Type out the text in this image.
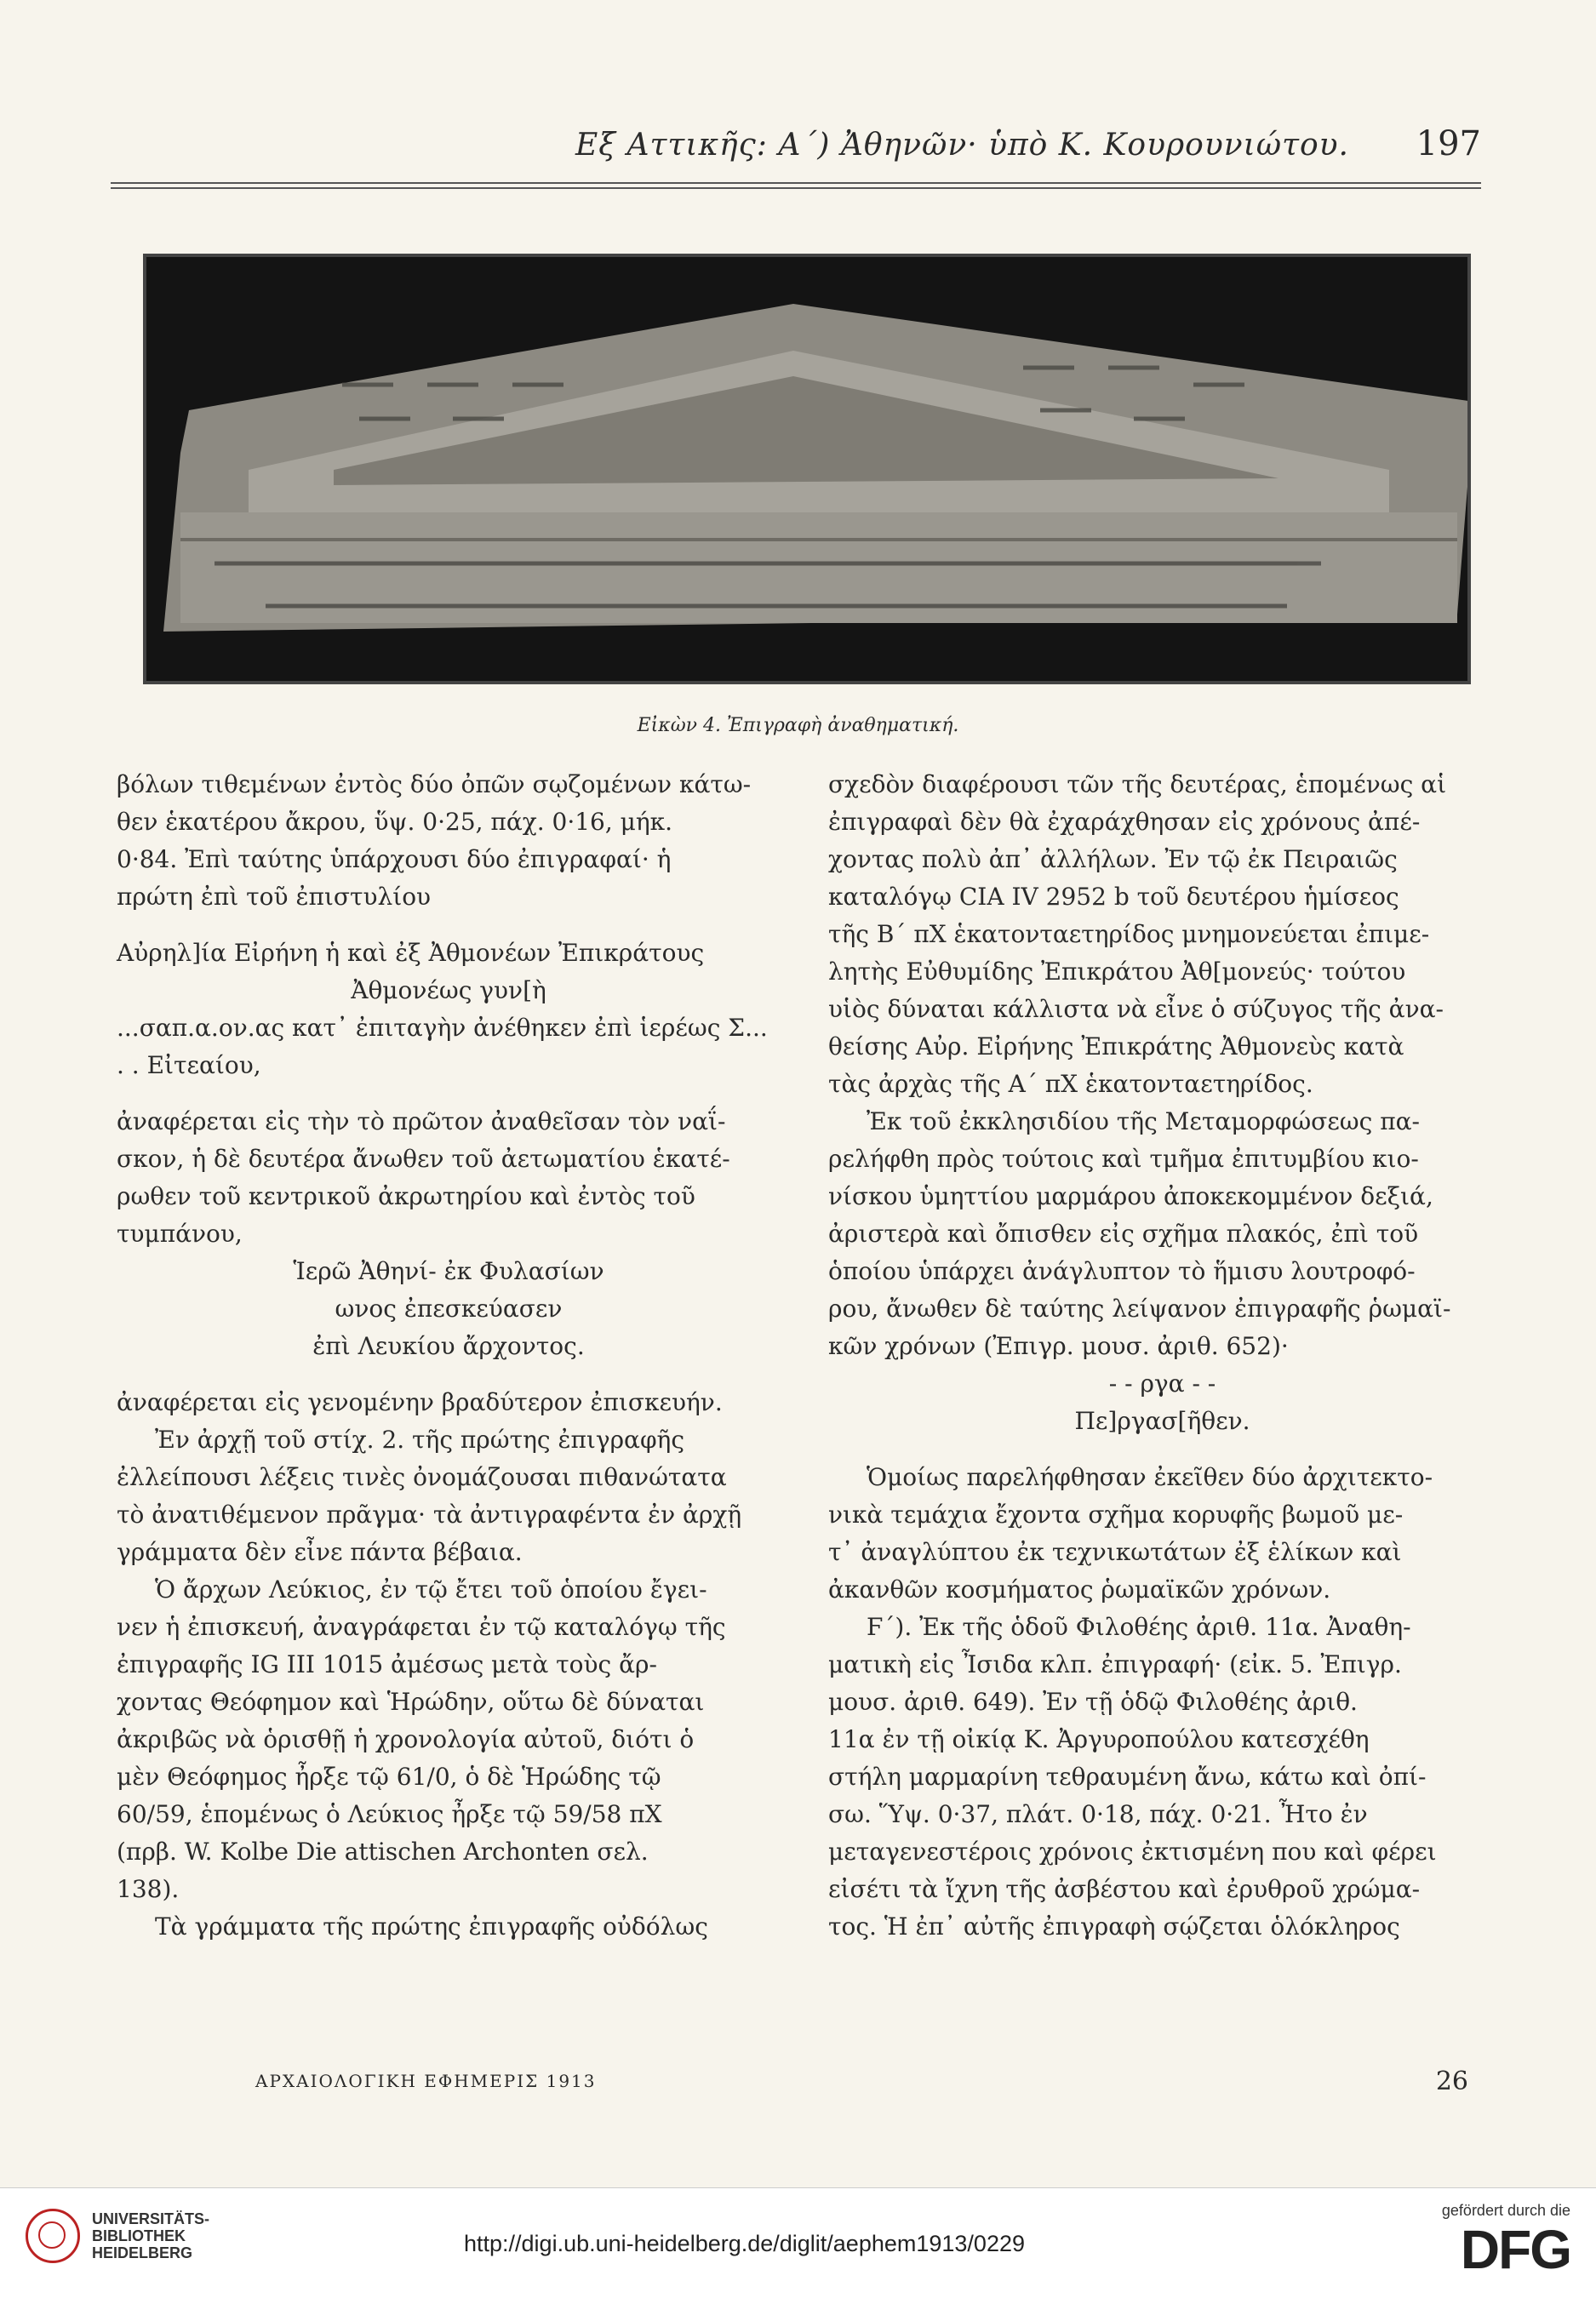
Εξ Αττικῆς: Α΄) Ἀθηνῶν· ὑπὸ Κ. Κουρουνιώτου. 197
Εἰκὼν 4. Ἐπιγραφὴ ἀναθηματική.

βόλων τιθεμένων ἐντὸς δύο ὀπῶν σῳζομένων κάτω-

θεν ἑκατέρου ἄκρου, ὕψ. 0·25, πάχ. 0·16, μήκ.

0·84. Ἐπὶ ταύτης ὑπάρχουσι δύο ἐπιγραφαί· ἡ

πρώτη ἐπὶ τοῦ ἐπιστυλίου

Αὐρηλ]ία Εἰρήνη ἡ καὶ ἐξ Ἀθμονέων Ἐπικράτους

Ἀθμονέως γυν[ὴ

...σαπ.α.ον.ας κατ᾽ ἐπιταγὴν ἀνέθηκεν ἐπὶ ἱερέως Σ...

. . Εἰτεαίου,

ἀναφέρεται εἰς τὴν τὸ πρῶτον ἀναθεῖσαν τὸν ναΐ-

σκον, ἡ δὲ δευτέρα ἄνωθεν τοῦ ἀετωματίου ἑκατέ-

ρωθεν τοῦ κεντρικοῦ ἀκρωτηρίου καὶ ἐντὸς τοῦ

τυμπάνου,

Ἱερῶ Ἀθηνί- ἐκ Φυλασίων

ωνος ἐπεσκεύασεν

ἐπὶ Λευκίου ἄρχοντος.

ἀναφέρεται εἰς γενομένην βραδύτερον ἐπισκευήν.

Ἐν ἀρχῇ τοῦ στίχ. 2. τῆς πρώτης ἐπιγραφῆς

ἐλλείπουσι λέξεις τινὲς ὀνομάζουσαι πιθανώτατα

τὸ ἀνατιθέμενον πρᾶγμα· τὰ ἀντιγραφέντα ἐν ἀρχῇ

γράμματα δὲν εἶνε πάντα βέβαια.

Ὁ ἄρχων Λεύκιος, ἐν τῷ ἔτει τοῦ ὁποίου ἔγει-

νεν ἡ ἐπισκευή, ἀναγράφεται ἐν τῷ καταλόγῳ τῆς

ἐπιγραφῆς IG III 1015 ἀμέσως μετὰ τοὺς ἄρ-

χοντας Θεόφημον καὶ Ἡρώδην, οὕτω δὲ δύναται

ἀκριβῶς νὰ ὁρισθῇ ἡ χρονολογία αὐτοῦ, διότι ὁ

μὲν Θεόφημος ἦρξε τῷ 61/0, ὁ δὲ Ἡρώδης τῷ

60/59, ἑπομένως ὁ Λεύκιος ἦρξε τῷ 59/58 πΧ

(πρβ. W. Kolbe Die attischen Archonten σελ.

138).

Τὰ γράμματα τῆς πρώτης ἐπιγραφῆς οὐδόλως

σχεδὸν διαφέρουσι τῶν τῆς δευτέρας, ἑπομένως αἱ

ἐπιγραφαὶ δὲν θὰ ἐχαράχθησαν εἰς χρόνους ἀπέ-

χοντας πολὺ ἀπ᾽ ἀλλήλων. Ἐν τῷ ἐκ Πειραιῶς

καταλόγῳ CIA IV 2952 b τοῦ δευτέρου ἡμίσεος

τῆς Β΄ πΧ ἑκατονταετηρίδος μνημονεύεται ἐπιμε-

λητὴς Εὐθυμίδης Ἐπικράτου Ἀθ[μονεύς· τούτου

υἱὸς δύναται κάλλιστα νὰ εἶνε ὁ σύζυγος τῆς ἀνα-

θείσης Αὐρ. Εἰρήνης Ἐπικράτης Ἀθμονεὺς κατὰ

τὰς ἀρχὰς τῆς Α΄ πΧ ἑκατονταετηρίδος.

Ἐκ τοῦ ἐκκλησιδίου τῆς Μεταμορφώσεως πα-

ρελήφθη πρὸς τούτοις καὶ τμῆμα ἐπιτυμβίου κιο-

νίσκου ὑμηττίου μαρμάρου ἀποκεκομμένον δεξιά,

ἀριστερὰ καὶ ὄπισθεν εἰς σχῆμα πλακός, ἐπὶ τοῦ

ὁποίου ὑπάρχει ἀνάγλυπτον τὸ ἥμισυ λουτροφό-

ρου, ἄνωθεν δὲ ταύτης λείψανον ἐπιγραφῆς ῥωμαϊ-

κῶν χρόνων (Ἐπιγρ. μουσ. ἀριθ. 652)·

- - ργα - -

Πε]ργασ[ῆθεν.

Ὁμοίως παρελήφθησαν ἐκεῖθεν δύο ἀρχιτεκτο-

νικὰ τεμάχια ἔχοντα σχῆμα κορυφῆς βωμοῦ με-

τ᾽ ἀναγλύπτου ἐκ τεχνικωτάτων ἐξ ἑλίκων καὶ

ἀκανθῶν κοσμήματος ῥωμαϊκῶν χρόνων.

Ϝ΄). Ἐκ τῆς ὁδοῦ Φιλοθέης ἀριθ. 11α. Ἀναθη-

ματικὴ εἰς Ἶσιδα κλπ. ἐπιγραφή· (εἰκ. 5. Ἐπιγρ.

μουσ. ἀριθ. 649). Ἐν τῇ ὁδῷ Φιλοθέης ἀριθ.

11α ἐν τῇ οἰκίᾳ Κ. Ἀργυροπούλου κατεσχέθη

στήλη μαρμαρίνη τεθραυμένη ἄνω, κάτω καὶ ὀπί-

σω. Ὕψ. 0·37, πλάτ. 0·18, πάχ. 0·21. Ἦτο ἐν

μεταγενεστέροις χρόνοις ἐκτισμένη που καὶ φέρει

εἰσέτι τὰ ἴχνη τῆς ἀσβέστου καὶ ἐρυθροῦ χρώμα-

τος. Ἡ ἐπ᾽ αὐτῆς ἐπιγραφὴ σῴζεται ὁλόκληρος

ΑΡΧΑΙΟΛΟΓΙΚΗ ΕΦΗΜΕΡΙΣ 1913	26
UNIVERSITÄTS-
BIBLIOTHEK
HEIDELBERG	http://digi.ub.uni-heidelberg.de/diglit/aephem1913/0229
gefördert durch die
DFG
